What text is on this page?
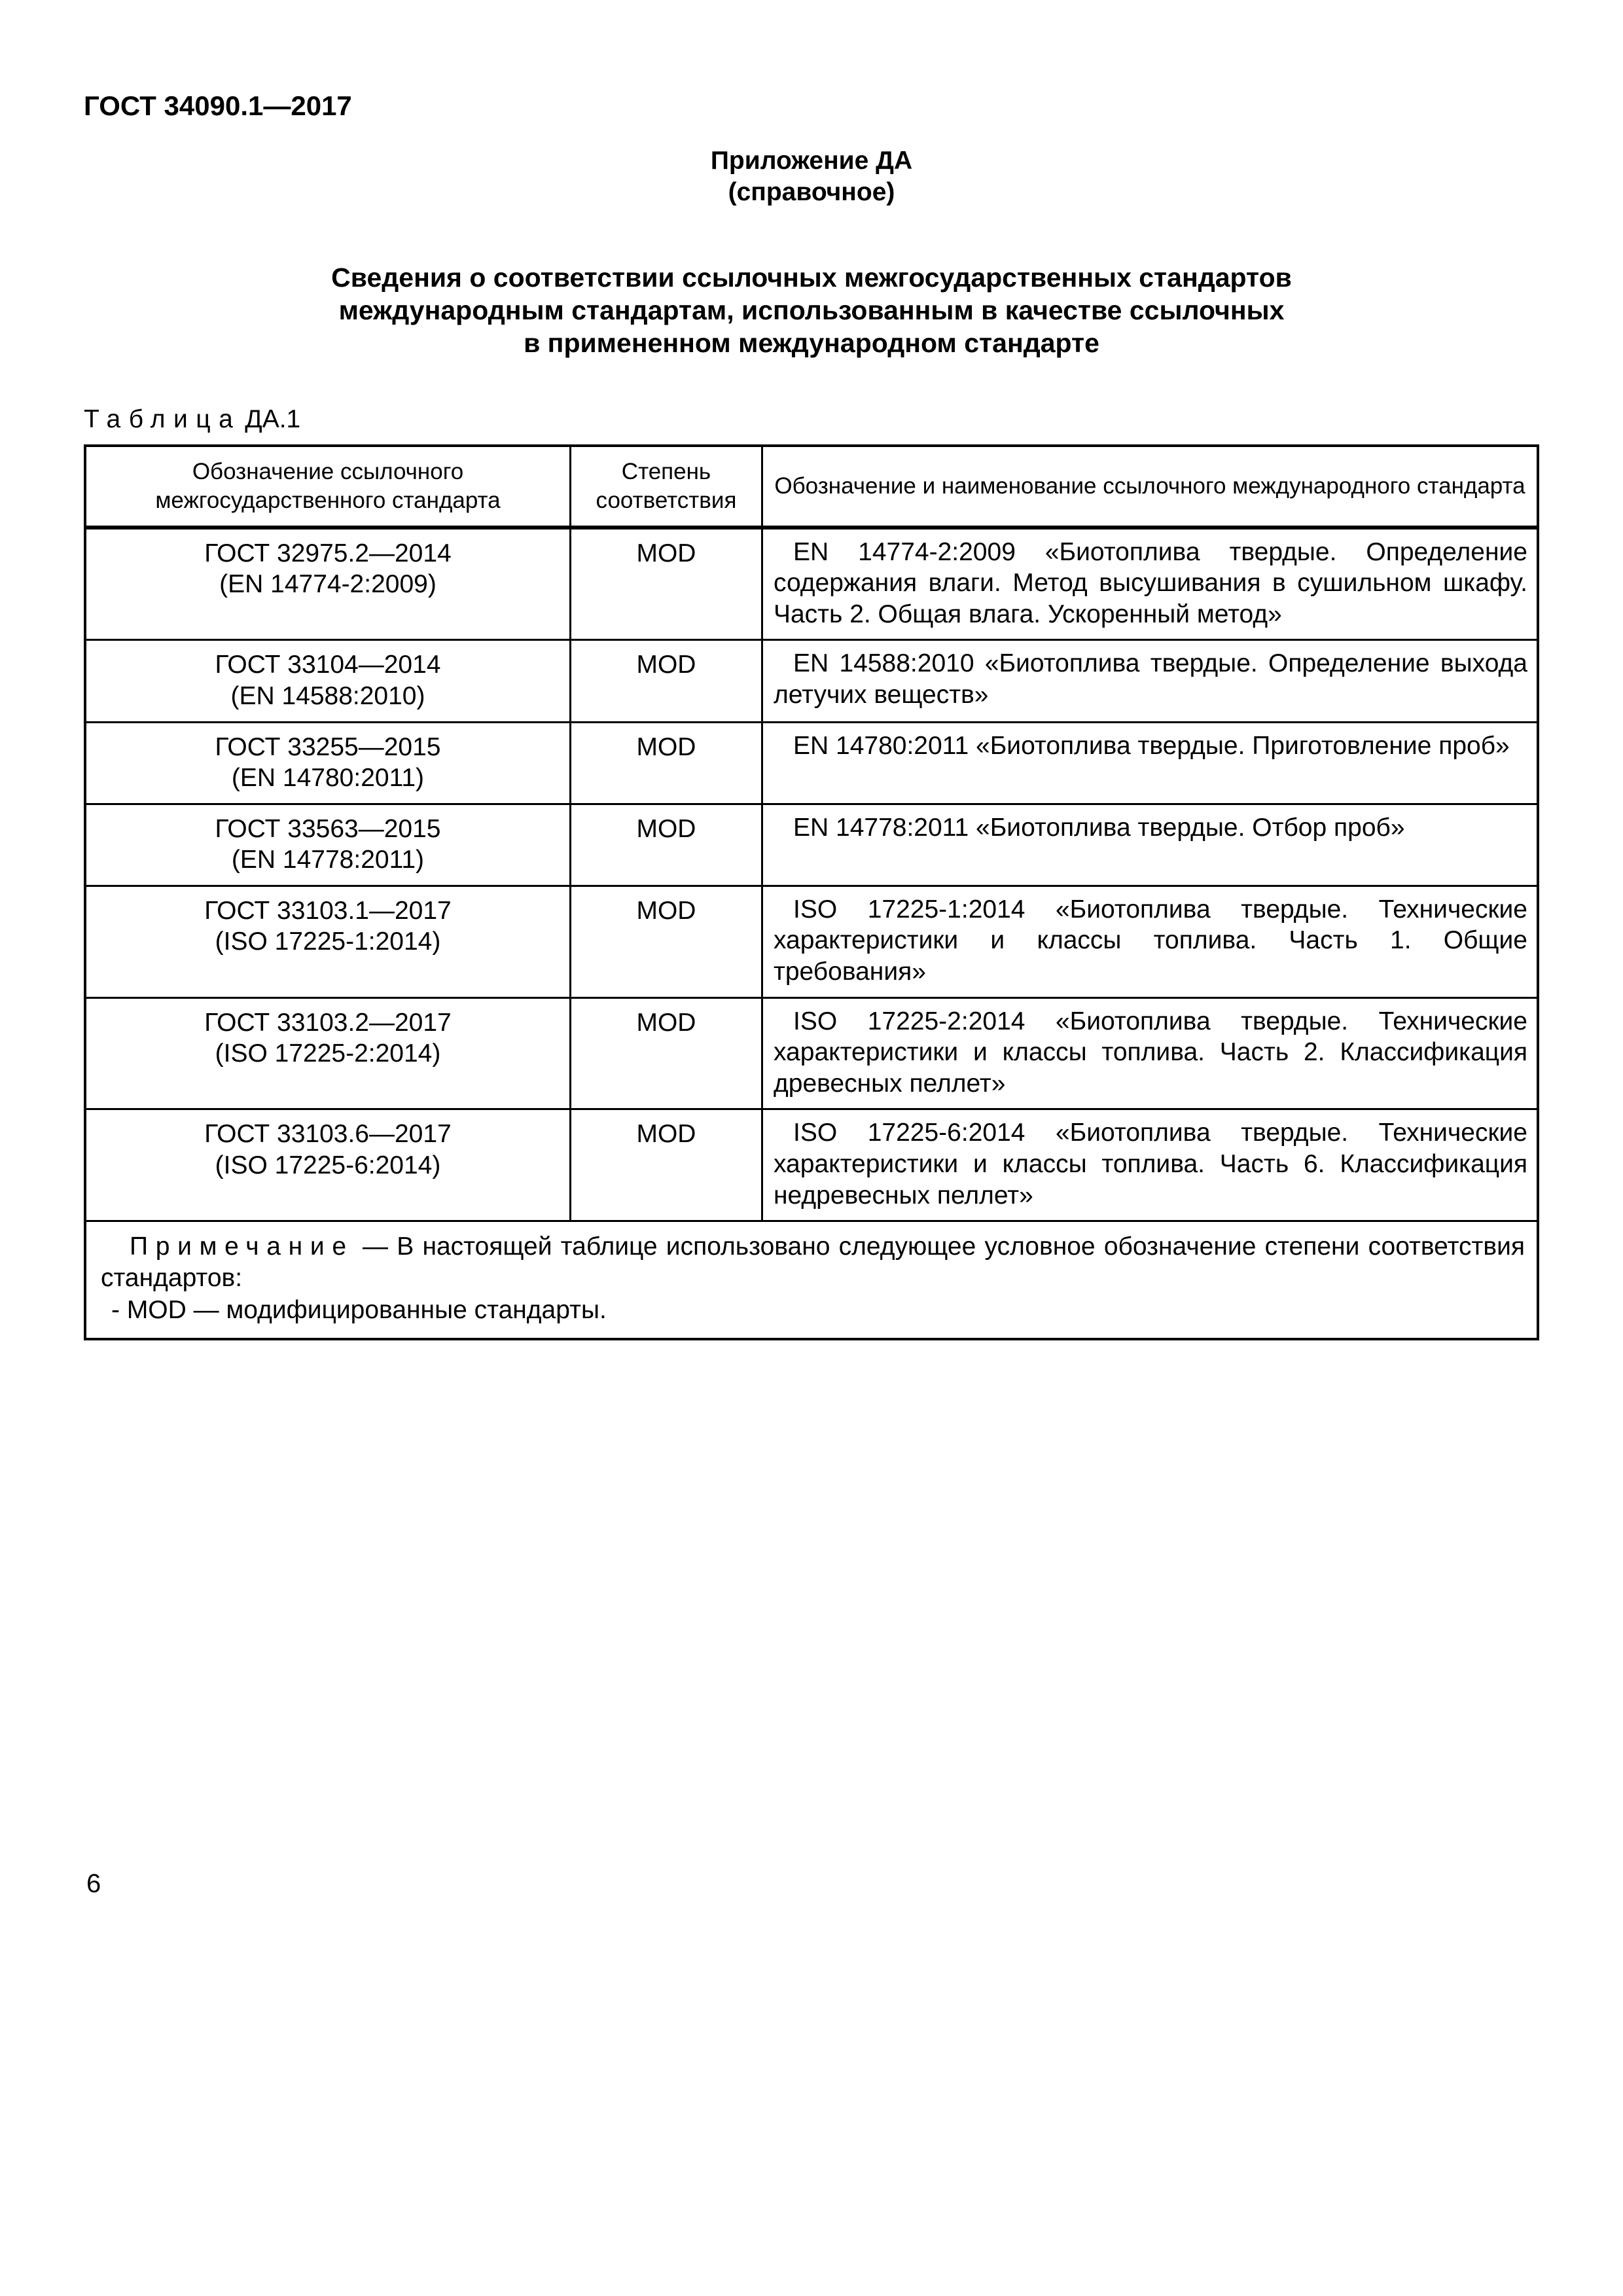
ГОСТ 34090.1—2017
Приложение ДА
(справочное)
Сведения о соответствии ссылочных межгосударственных стандартов
международным стандартам, использованным в качестве ссылочных
в примененном международном стандарте
Таблица ДА.1
Обозначение ссылочного межгосударственного стандарта	Степень соответствия	Обозначение и наименование ссылочного международного стандарта

ГОСТ 32975.2—2014
(EN 14774-2:2009)	MOD	EN 14774-2:2009 «Биотоплива твердые. Определение содержания влаги. Метод высушивания в сушильном шкафу. Часть 2. Общая влага. Ускоренный метод»

ГОСТ 33104—2014
(EN 14588:2010)	MOD	EN 14588:2010 «Биотоплива твердые. Определение выхода летучих веществ»

ГОСТ 33255—2015
(EN 14780:2011)	MOD	EN 14780:2011 «Биотоплива твердые. Приготовление проб»

ГОСТ 33563—2015
(EN 14778:2011)	MOD	EN 14778:2011 «Биотоплива твердые. Отбор проб»

ГОСТ 33103.1—2017
(ISO 17225-1:2014)	MOD	ISO 17225-1:2014 «Биотоплива твердые. Технические характеристики и классы топлива. Часть 1. Общие требования»

ГОСТ 33103.2—2017
(ISO 17225-2:2014)	MOD	ISO 17225-2:2014 «Биотоплива твердые. Технические характеристики и классы топлива. Часть 2. Классификация древесных пеллет»

ГОСТ 33103.6—2017
(ISO 17225-6:2014)	MOD	ISO 17225-6:2014 «Биотоплива твердые. Технические характеристики и классы топлива. Часть 6. Классификация недревесных пеллет»

Примечание — В настоящей таблице использовано следующее условное обозначение степени соответствия стандартов:
- MOD — модифицированные стандарты.		
6
